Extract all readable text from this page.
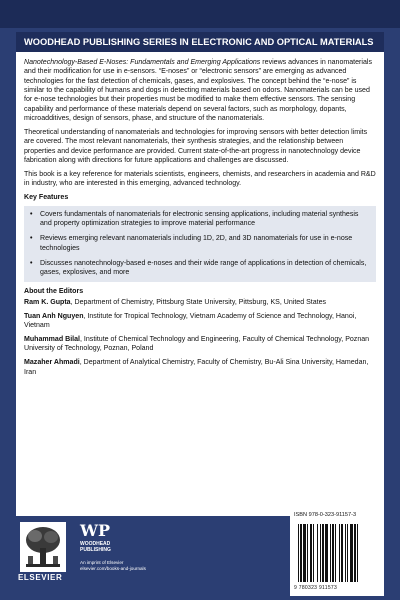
WOODHEAD PUBLISHING SERIES IN ELECTRONIC AND OPTICAL MATERIALS

Nanotechnology-Based E-Noses: Fundamentals and Emerging Applications reviews advances in nanomaterials and their modification for use in e-sensors. “E-noses” or “electronic sensors” are emerging as advanced technologies for the fast detection of chemicals, gases, and explosives. The concept behind the “e-nose” is similar to the capability of humans and dogs in detecting materials based on odors. Nanomaterials can be used for e-nose technologies but their properties must be modified to make them effective sensors. The sensing capability and performance of these materials depend on several factors, such as morphology, dopants, microadditives, design of sensors, phase, and structure of the nanomaterials.

Theoretical understanding of nanomaterials and technologies for improving sensors with better detection limits are covered. The most relevant nanomaterials, their synthesis strategies, and the relationship between properties and device performance are provided. Current state-of-the-art progress in nanotechnology device fabrication along with directions for future applications and challenges are discussed.

This book is a key reference for materials scientists, engineers, chemists, and researchers in academia and R&D in industry, who are interested in this emerging, advanced technology.

Key Features
•	Covers fundamentals of nanomaterials for electronic sensing applications, including material synthesis and property optimization strategies to improve material performance
•	Reviews emerging relevant nanomaterials including 1D, 2D, and 3D nanomaterials for use in e-nose technologies
•	Discusses nanotechnology-based e-noses and their wide range of applications in detection of chemicals, gases, explosives, and more
About the Editors

Ram K. Gupta, Department of Chemistry, Pittsburg State University, Pittsburg, KS, United States

Tuan Anh Nguyen, Institute for Tropical Technology, Vietnam Academy of Science and Technology, Hanoi, Vietnam

Muhammad Bilal, Institute of Chemical Technology and Engineering, Faculty of Chemical Technology, Poznan University of Technology, Poznan, Poland

Mazaher Ahmadi, Department of Analytical Chemistry, Faculty of Chemistry, Bu-Ali Sina University, Hamedan, Iran

ELSEVIER
WP
WOODHEAD
PUBLISHING
An imprint of Elsevier
elsevier.com/books-and-journals
ISBN 978-0-323-91157-3
9 780323 911573
